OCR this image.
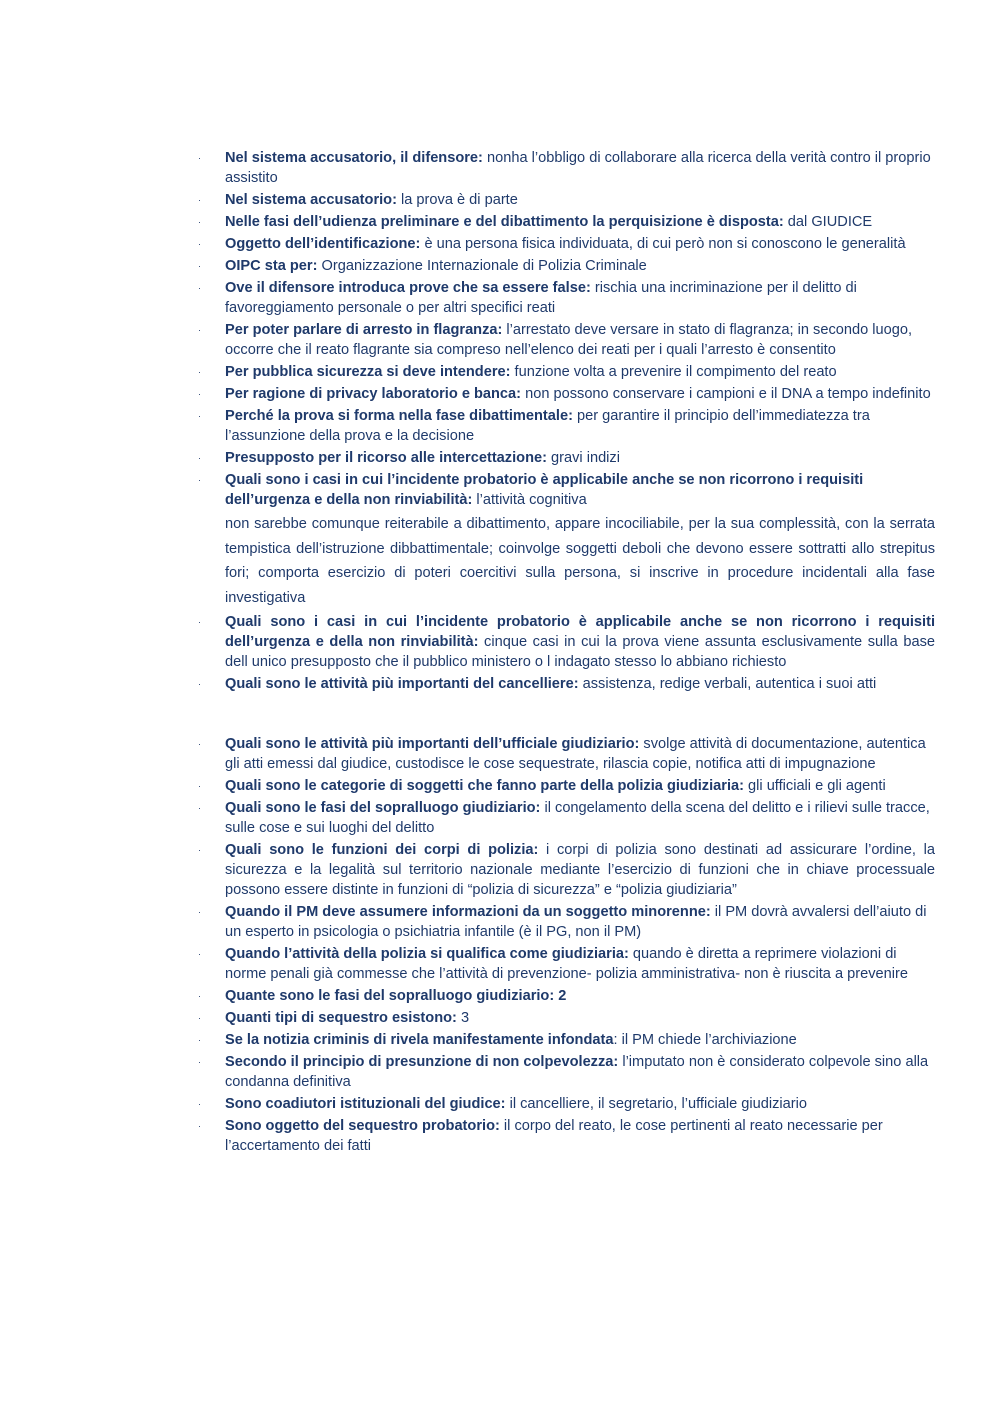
· Nel sistema accusatorio, il difensore: nonha l’obbligo di collaborare alla ricerca della verità contro il proprio assistito
· Nel sistema accusatorio: la prova è di parte
· Nelle fasi dell’udienza preliminare e del dibattimento la perquisizione è disposta: dal GIUDICE
· Oggetto dell’identificazione: è una persona fisica individuata, di cui però non si conoscono le generalità
· OIPC sta per: Organizzazione Internazionale di Polizia Criminale
· Ove il difensore introduca prove che sa essere false: rischia una incriminazione per il delitto di favoreggiamento personale o per altri specifici reati
· Per poter parlare di arresto in flagranza: l’arrestato deve versare in stato di flagranza; in secondo luogo, occorre che il reato flagrante sia compreso nell’elenco dei reati per i quali l’arresto è consentito
· Per pubblica sicurezza si deve intendere: funzione volta a prevenire il compimento del reato
· Per ragione di privacy laboratorio e banca: non possono conservare i campioni e il DNA a tempo indefinito
· Perché la prova si forma nella fase dibattimentale: per garantire il principio dell’immediatezza tra l’assunzione della prova e la decisione
· Presupposto per il ricorso alle intercettazione: gravi indizi
· Quali sono i casi in cui l’incidente probatorio è applicabile anche se non ricorrono i requisiti dell’urgenza e della non rinviabilità: l’attività cognitiva
non sarebbe comunque reiterabile a dibattimento, appare incociliabile, per la sua complessità, con la serrata tempistica dell’istruzione dibbattimentale; coinvolge soggetti deboli che devono essere sottratti allo strepitus fori; comporta esercizio di poteri coercitivi sulla persona, si inscrive in procedure incidentali alla fase investigativa
· Quali sono i casi in cui l’incidente probatorio è applicabile anche se non ricorrono i requisiti dell’urgenza e della non rinviabilità: cinque casi in cui la prova viene assunta esclusivamente sulla base dell unico presupposto che il pubblico ministero o l indagato stesso lo abbiano richiesto
· Quali sono le attività più importanti del cancelliere: assistenza, redige verbali, autentica i suoi atti
· Quali sono le attività più importanti dell’ufficiale giudiziario: svolge attività di documentazione, autentica gli atti emessi dal giudice, custodisce le cose sequestrate, rilascia copie, notifica atti di impugnazione
· Quali sono le categorie di soggetti che fanno parte della polizia giudiziaria: gli ufficiali e gli agenti
· Quali sono le fasi del sopralluogo giudiziario: il congelamento della scena del delitto e i rilievi sulle tracce, sulle cose e sui luoghi del delitto
· Quali sono le funzioni dei corpi di polizia: i corpi di polizia sono destinati ad assicurare l’ordine, la sicurezza e la legalità sul territorio nazionale mediante l’esercizio di funzioni che in chiave processuale possono essere distinte in funzioni di “polizia di sicurezza” e “polizia giudiziaria”
· Quando il PM deve assumere informazioni da un soggetto minorenne: il PM dovrà avvalersi dell’aiuto di un esperto in psicologia o psichiatria infantile (è il PG, non il PM)
· Quando l’attività della polizia si qualifica come giudiziaria: quando è diretta a reprimere violazioni di norme penali già commesse che l’attività di prevenzione- polizia amministrativa- non è riuscita a prevenire
· Quante sono le fasi del sopralluogo giudiziario: 2
· Quanti tipi di sequestro esistono: 3
· Se la notizia criminis di rivela manifestamente infondata: il PM chiede l’archiviazione
· Secondo il principio di presunzione di non colpevolezza: l’imputato non è considerato colpevole sino alla condanna definitiva
· Sono coadiutori istituzionali del giudice: il cancelliere, il segretario, l’ufficiale giudiziario
· Sono oggetto del sequestro probatorio: il corpo del reato, le cose pertinenti al reato necessarie per l’accertamento dei fatti
